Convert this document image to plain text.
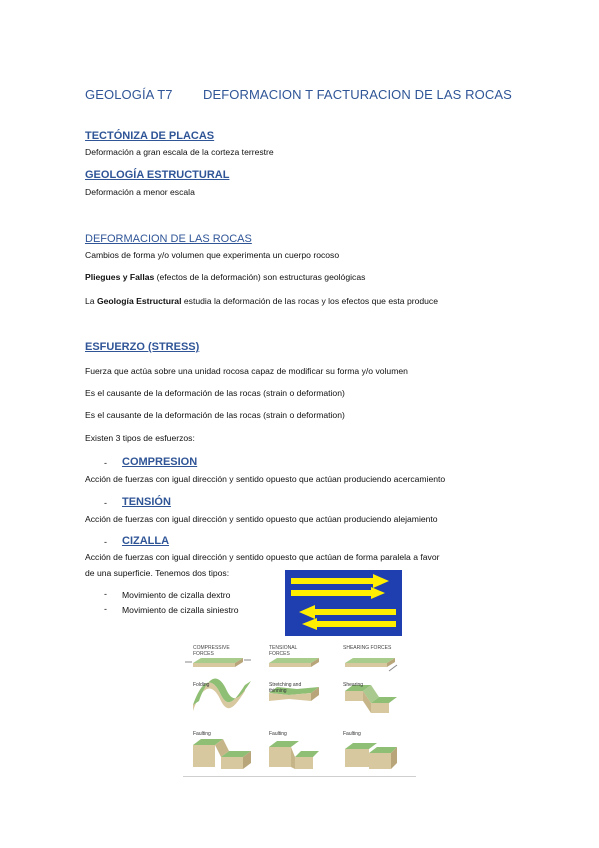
GEOLOGÍA T7 DEFORMACION T FACTURACION DE LAS ROCAS
TECTÓNIZA DE PLACAS
Deformación a gran escala de la corteza terrestre
GEOLOGÍA ESTRUCTURAL
Deformación a menor escala
DEFORMACION DE LAS ROCAS
Cambios de forma y/o volumen que experimenta un cuerpo rocoso
Pliegues y Fallas (efectos de la deformación) son estructuras geológicas
La Geología Estructural estudia la deformación de las rocas y los efectos que esta produce
ESFUERZO (STRESS)
Fuerza que actúa sobre una unidad rocosa capaz de modificar su forma y/o volumen
Es el causante de la deformación de las rocas (strain o deformation)
Es el causante de la deformación de las rocas (strain o deformation)
Existen 3 tipos de esfuerzos:
- COMPRESION
Acción de fuerzas con igual dirección y sentido opuesto que actúan produciendo acercamiento
- TENSIÓN
Acción de fuerzas con igual dirección y sentido opuesto que actúan produciendo alejamiento
- CIZALLA
Acción de fuerzas con igual dirección y sentido opuesto que actúan de forma paralela a favor
de una superficie. Tenemos dos tipos:
- Movimiento de cizalla dextro
- Movimiento de cizalla siniestro
COMPRESSIVE FORCES
TENSIONAL FORCES
SHEARING FORCES
Folding	Stretching and thinning
Shearing
Faulting	Faulting	Faulting
